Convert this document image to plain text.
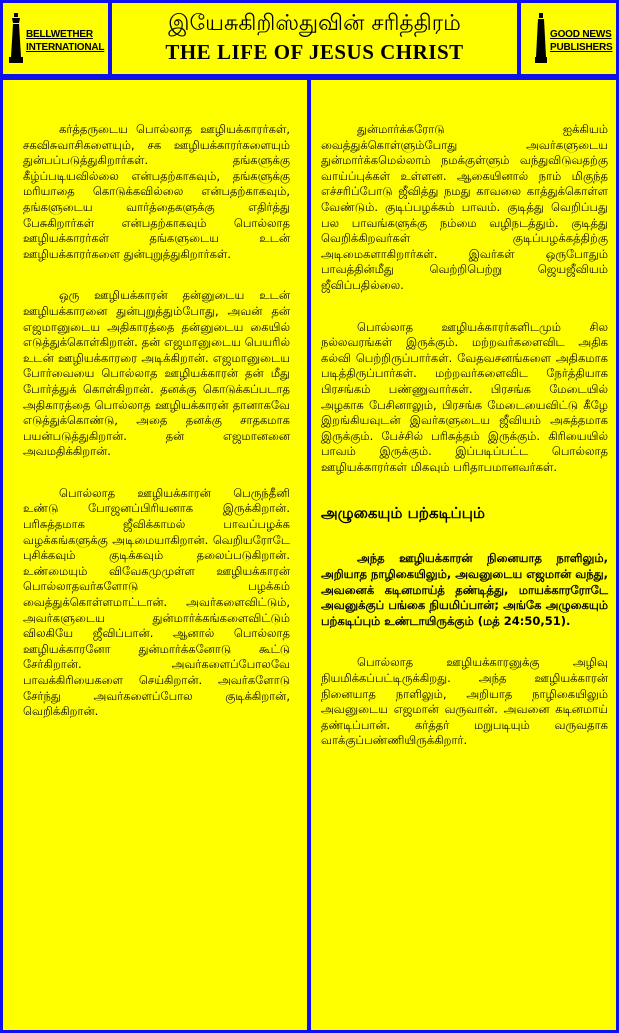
BELLWETHER
INTERNATIONAL
இயேசுகிறிஸ்துவின் சரித்திரம்
THE LIFE OF JESUS CHRIST
GOOD NEWS
PUBLISHERS

கர்த்தருடைய பொல்லாத ஊழியக்காரர்கள், சகவிசுவாசிகளையும், சக ஊழியக்காரர்களையும் துன்பப்படுத்துகிறார்கள். தங்களுக்கு கீழ்ப்படியவில்லை என்பதற்காகவும், தங்களுக்கு மரியாதை கொடுக்கவில்லை என்பதற்காகவும், தங்களுடைய வார்த்தைகளுக்கு எதிர்த்து பேசுகிறார்கள் என்பதற்காகவும் பொல்லாத ஊழியக்காரர்கள் தங்களுடைய உடன் ஊழியக்காரர்களை துன்புறுத்துகிறார்கள்.

ஒரு ஊழியக்காரன் தன்னுடைய உடன் ஊழியக்காரனை துன்புறுத்தும்போது, அவன் தன் எஜமானுடைய அதிகாரத்தை தன்னுடைய கையில் எடுத்துக்கொள்கிறான். தன் எஜமானுடைய பெயரில் உடன் ஊழியக்காரரை அடிக்கிறான். எஜமானுடைய போர்வையை பொல்லாத ஊழியக்காரன் தன் மீது போர்த்துக் கொள்கிறான். தனக்கு கொடுக்கப்படாத அதிகாரத்தை பொல்லாத ஊழியக்காரன் தானாகவே எடுத்துக்கொண்டு, அதை தனக்கு சாதகமாக பயன்படுத்துகிறான். தன் எஜமானனை அவமதிக்கிறான்.

பொல்லாத ஊழியக்காரன் பெருந்தீனி உண்டு போஜனப்பிரியனாக இருக்கிறான். பரிசுத்தமாக ஜீவிக்காமல் பாவப்பழக்க வழக்கங்களுக்கு அடிமையாகிறான். வெறியரோடே புசிக்கவும் குடிக்கவும் தலைப்படுகிறான். உண்மையும் விவேகமுமுள்ள ஊழியக்காரன் பொல்லாதவர்களோடு பழக்கம் வைத்துக்கொள்ளமாட்டான். அவர்களைவிட்டும், அவர்களுடைய துன்மார்க்கங்களைவிட்டும் விலகியே ஜீவிப்பான். ஆனால் பொல்லாத ஊழியக்காரனோ துன்மார்க்கனோடு கூட்டு சேர்கிறான். அவர்களைப்போலவே பாவக்கிரியைகளை செய்கிறான். அவர்களோடு சேர்ந்து அவர்களைப்போல குடிக்கிறான், வெறிக்கிறான்.

துன்மார்க்கரோடு ஐக்கியம் வைத்துக்கொள்ளும்போது அவர்களுடைய துன்மார்க்கமெல்லாம் நமக்குள்ளும் வந்துவிடுவதற்கு வாய்ப்புக்கள் உள்ளன. ஆகையினால் நாம் மிகுந்த எச்சரிப்போடு ஜீவித்து நமது காவலை காத்துக்கொள்ள வேண்டும். குடிப்பழக்கம் பாவம். குடித்து வெறிப்பது பல பாவங்களுக்கு நம்மை வழிநடத்தும். குடித்து வெறிக்கிறவர்கள் குடிப்பழக்கத்திற்கு அடிமைகளாகிறார்கள். இவர்கள் ஒருபோதும் பாவத்தின்மீது வெற்றிபெற்று ஜெயஜீவியம் ஜீவிப்பதில்லை.

பொல்லாத ஊழியக்காரர்களிடமும் சில நல்லவரங்கள் இருக்கும். மற்றவர்களைவிட அதிக கல்வி பெற்றிருப்பார்கள். வேதவசனங்களை அதிகமாக படித்திருப்பார்கள். மற்றவர்களைவிட நேர்த்தியாக பிரசங்கம் பண்ணுவார்கள். பிரசங்க மேடையில் அழகாக பேசினாலும், பிரசங்க மேடையைவிட்டு கீழே இறங்கியவுடன் இவர்களுடைய ஜீவியம் அசுத்தமாக இருக்கும். பேச்சில் பரிசுத்தம் இருக்கும். கிரியையில் பாவம் இருக்கும். இப்படிப்பட்ட பொல்லாத ஊழியக்காரர்கள் மிகவும் பரிதாபமானவர்கள்.

அழுகையும் பற்கடிப்பும்

அந்த ஊழியக்காரன் நினையாத நாளிலும், அறியாத நாழிகையிலும், அவனுடைய எஜமான் வந்து, அவனைக் கடினமாய்த் தண்டித்து, மாயக்காரரோடே அவனுக்குப் பங்கை நியமிப்பான்; அங்கே அழுகையும் பற்கடிப்பும் உண்டாயிருக்கும் (மத் 24:50,51).

பொல்லாத ஊழியக்காரனுக்கு அழிவு நியமிக்கப்பட்டிருக்கிறது. அந்த ஊழியக்காரன் நினையாத நாளிலும், அறியாத நாழிகையிலும் அவனுடைய எஜமான் வருவான். அவனை கடினமாய் தண்டிப்பான். கர்த்தர் மறுபடியும் வருவதாக வாக்குப்பண்ணியிருக்கிறார்.
